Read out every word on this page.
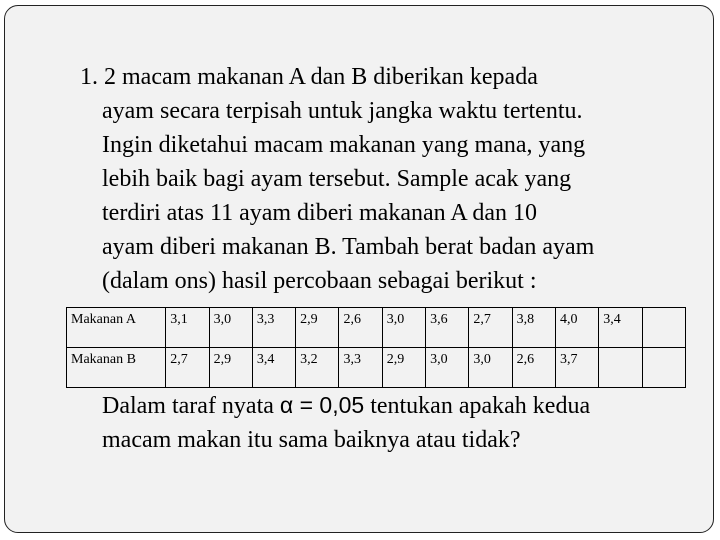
1. 2 macam makanan A dan B diberikan kepada
ayam secara terpisah untuk jangka waktu tertentu.
Ingin diketahui macam makanan yang mana, yang
lebih baik bagi ayam tersebut. Sample acak yang
terdiri atas 11 ayam diberi makanan A dan 10
ayam diberi makanan B. Tambah berat badan ayam
(dalam ons) hasil percobaan sebagai berikut :
Makanan A	3,1	3,0	3,3	2,9	2,6	3,0	3,6	2,7	3,8	4,0	3,4	
Makanan B	2,7	2,9	3,4	3,2	3,3	2,9	3,0	3,0	2,6	3,7		
Dalam taraf nyata α = 0,05 tentukan apakah kedua
macam makan itu sama baiknya atau tidak?
